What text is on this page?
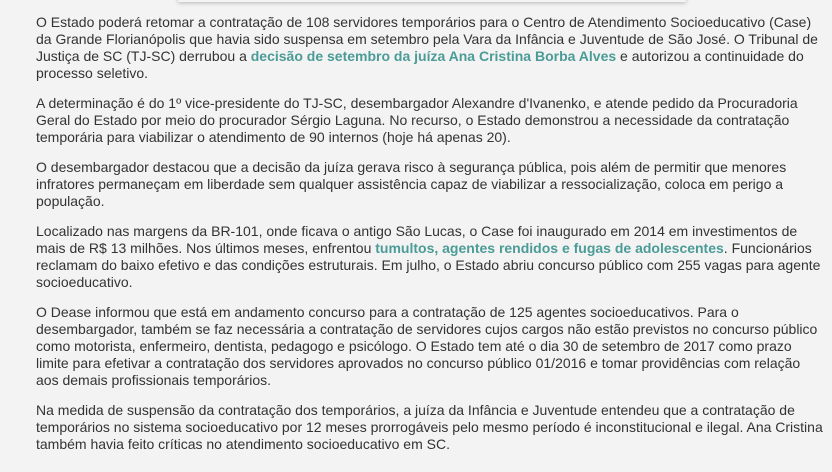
O Estado poderá retomar a contratação de 108 servidores temporários para o Centro de Atendimento Socioeducativo (Case) da Grande Florianópolis que havia sido suspensa em setembro pela Vara da Infância e Juventude de São José. O Tribunal de Justiça de SC (TJ-SC) derrubou a decisão de setembro da juíza Ana Cristina Borba Alves e autorizou a continuidade do processo seletivo.

A determinação é do 1º vice-presidente do TJ-SC, desembargador Alexandre d'Ivanenko, e atende pedido da Procuradoria Geral do Estado por meio do procurador Sérgio Laguna. No recurso, o Estado demonstrou a necessidade da contratação temporária para viabilizar o atendimento de 90 internos (hoje há apenas 20).

O desembargador destacou que a decisão da juíza gerava risco à segurança pública, pois além de permitir que menores infratores permaneçam em liberdade sem qualquer assistência capaz de viabilizar a ressocialização, coloca em perigo a população.

Localizado nas margens da BR-101, onde ficava o antigo São Lucas, o Case foi inaugurado em 2014 em investimentos de mais de R$ 13 milhões. Nos últimos meses, enfrentou tumultos, agentes rendidos e fugas de adolescentes. Funcionários reclamam do baixo efetivo e das condições estruturais. Em julho, o Estado abriu concurso público com 255 vagas para agente socioeducativo.

O Dease informou que está em andamento concurso para a contratação de 125 agentes socioeducativos. Para o desembargador, também se faz necessária a contratação de servidores cujos cargos não estão previstos no concurso público como motorista, enfermeiro, dentista, pedagogo e psicólogo. O Estado tem até o dia 30 de setembro de 2017 como prazo limite para efetivar a contratação dos servidores aprovados no concurso público 01/2016 e tomar providências com relação aos demais profissionais temporários.

Na medida de suspensão da contratação dos temporários, a juíza da Infância e Juventude entendeu que a contratação de temporários no sistema socioeducativo por 12 meses prorrogáveis pelo mesmo período é inconstitucional e ilegal. Ana Cristina também havia feito críticas no atendimento socioeducativo em SC.
